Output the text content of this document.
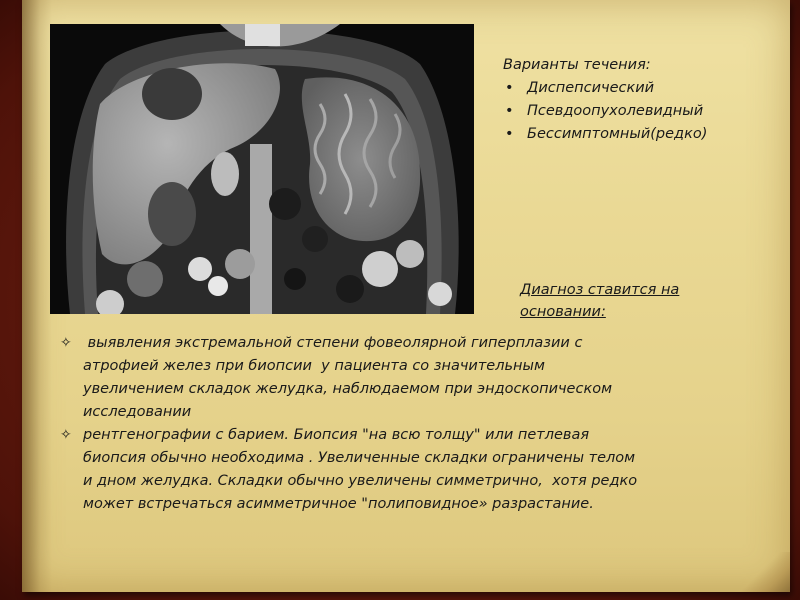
Варианты течения:

• Диспепсический
• Псевдоопухолевидный
• Бессимптомный(редко)
Диагноз ставится на
основании:
✧ выявления экстремальной степени фовеолярной гиперплазии с
атрофией желез при биопсии  у пациента со значительным
увеличением складок желудка, наблюдаемом при эндоскопическом
исследовании
✧ рентгенографии с барием. Биопсия "на всю толщу" или петлевая
биопсия обычно необходима . Увеличенные складки ограничены телом
и дном желудка. Складки обычно увеличены симметрично,  хотя редко
может встречаться асимметричное "полиповидное» разрастание.
